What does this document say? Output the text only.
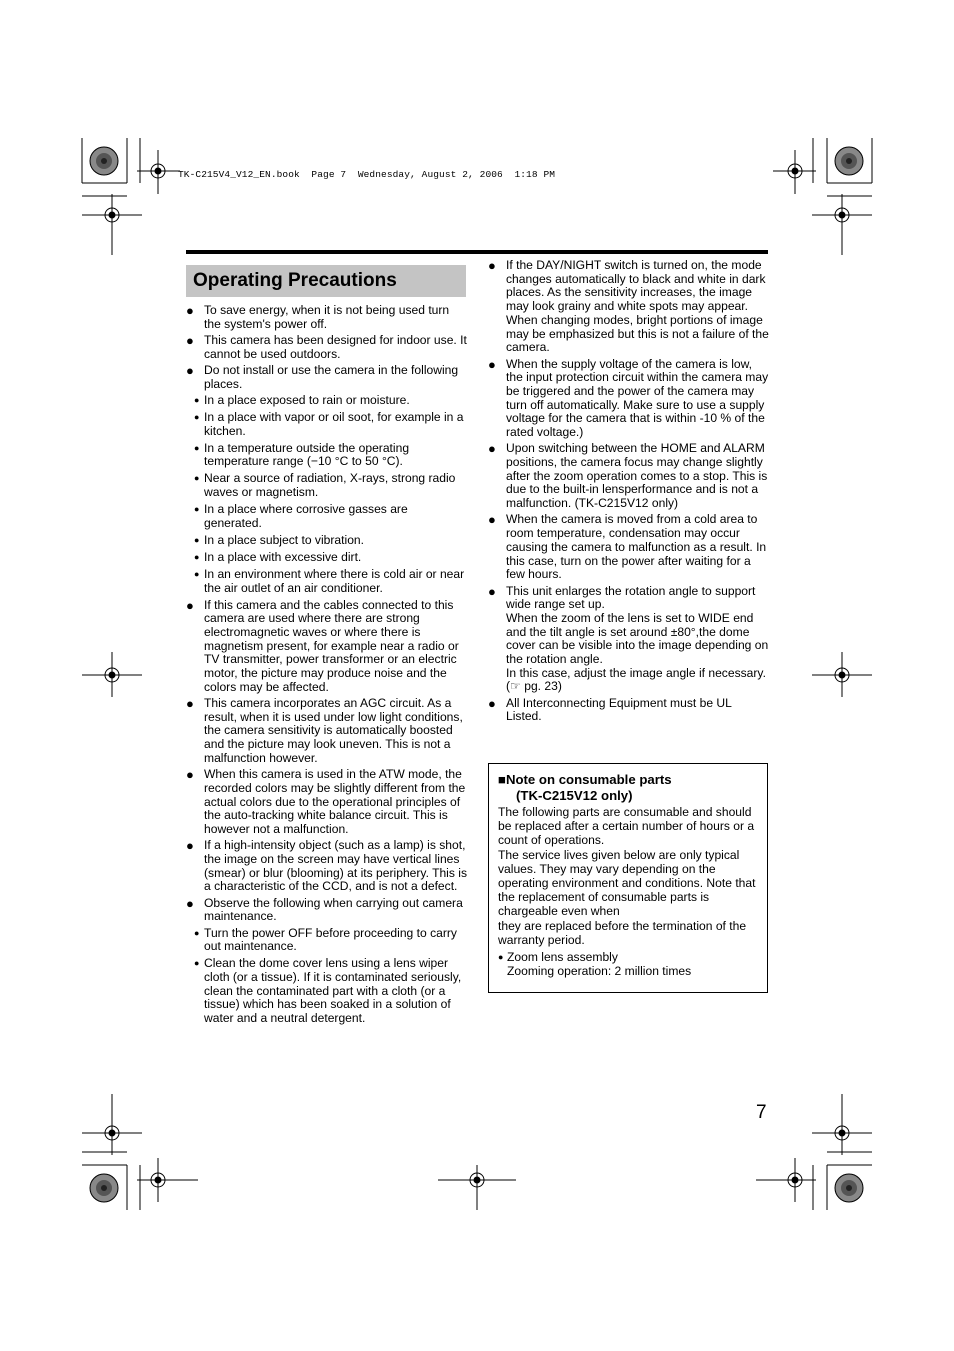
TK-C215V4_V12_EN.book  Page 7  Wednesday, August 2, 2006  1:18 PM
Operating Precautions
● To save energy, when it is not being used turn the system's power off.
● This camera has been designed for indoor use. It cannot be used outdoors.
● Do not install or use the camera in the following places.
● In a place exposed to rain or moisture.
● In a place with vapor or oil soot, for example in a kitchen.
● In a temperature outside the operating temperature range (−10 °C to 50 °C).
● Near a source of radiation, X-rays, strong radio waves or magnetism.
● In a place where corrosive gasses are generated.
● In a place subject to vibration.
● In a place with excessive dirt.
● In an environment where there is cold air or near the air outlet of an air conditioner.
● If this camera and the cables connected to this camera are used where there are strong electromagnetic waves or where there is magnetism present, for example near a radio or TV transmitter, power transformer or an electric motor, the picture may produce noise and the colors may be affected.
● This camera incorporates an AGC circuit. As a result, when it is used under low light conditions, the camera sensitivity is automatically boosted and the picture may look uneven. This is not a malfunction however.
● When this camera is used in the ATW mode, the recorded colors may be slightly different from the actual colors due to the operational principles of the auto-tracking white balance circuit. This is however not a malfunction.
● If a high-intensity object (such as a lamp) is shot, the image on the screen may have vertical lines (smear) or blur (blooming) at its periphery. This is a characteristic of the CCD, and is not a defect.
● Observe the following when carrying out camera maintenance.
● Turn the power OFF before proceeding to carry out maintenance.
● Clean the dome cover lens using a lens wiper cloth (or a tissue). If it is contaminated seriously, clean the contaminated part with a cloth (or a tissue) which has been soaked in a solution of water and a neutral detergent.
● If the DAY/NIGHT switch is turned on, the mode changes automatically to black and white in dark places. As the sensitivity increases, the image may look grainy and white spots may appear.
When changing modes, bright portions of image may be emphasized but this is not a failure of the camera.
● When the supply voltage of the camera is low, the input protection circuit within the camera may be triggered and the power of the camera may turn off automatically. Make sure to use a supply voltage for the camera that is within -10 % of the rated voltage.)
● Upon switching between the HOME and ALARM positions, the camera focus may change slightly after the zoom operation comes to a stop. This is due to the built-in lensperformance and is not a malfunction. (TK-C215V12 only)
● When the camera is moved from a cold area to room temperature, condensation may occur causing the camera to malfunction as a result. In this case, turn on the power after waiting for a few hours.
● This unit enlarges the rotation angle to support wide range set up.
When the zoom of the lens is set to WIDE end and the tilt angle is set around ±80°,the dome cover can be visible into the image depending on the rotation angle.
In this case, adjust the image angle if necessary. (☞ pg. 23)
● All Interconnecting Equipment must be UL Listed.
■Note on consumable parts
(TK-C215V12 only)
The following parts are consumable and should be replaced after a certain number of hours or a count of operations.
The service lives given below are only typical values. They may vary depending on the operating environment and conditions. Note that the replacement of consumable parts is chargeable even when
they are replaced before the termination of the warranty period.
● Zoom lens assembly
Zooming operation: 2 million times
7
